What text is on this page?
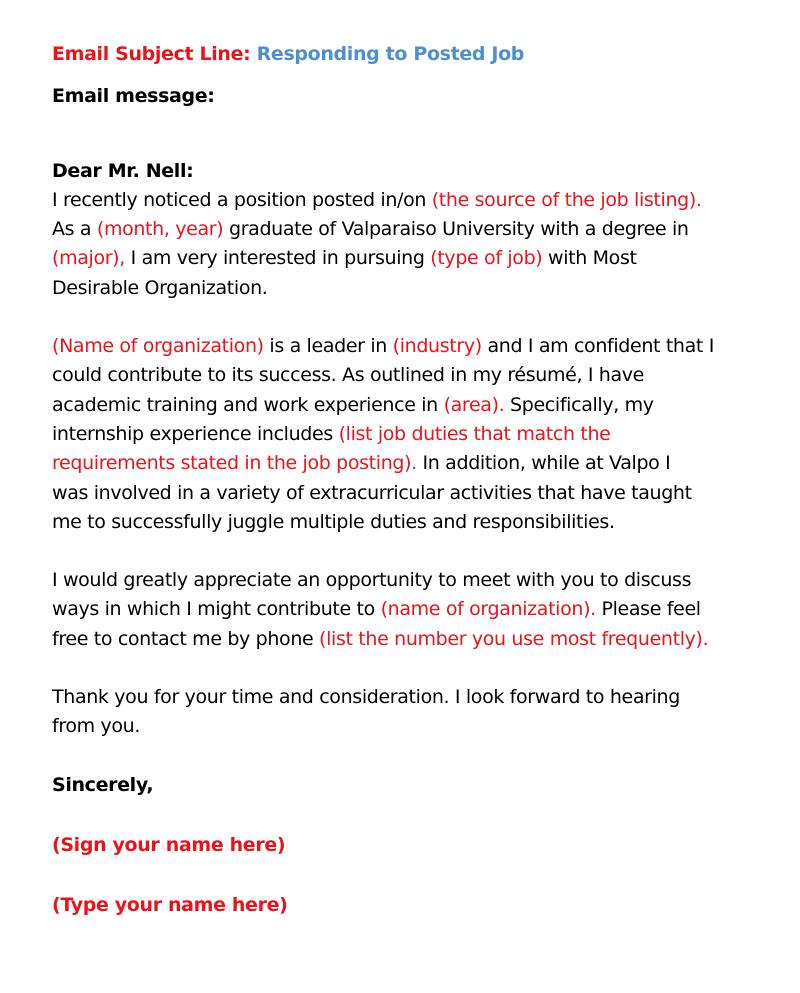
Email Subject Line: Responding to Posted Job

Email message:

Dear Mr. Nell:

I recently noticed a position posted in/on (the source of the job listing).

As a (month, year) graduate of Valparaiso University with a degree in

(major), I am very interested in pursuing (type of job) with Most

Desirable Organization.

(Name of organization) is a leader in (industry) and I am confident that I

could contribute to its success. As outlined in my résumé, I have

academic training and work experience in (area). Specifically, my

internship experience includes (list job duties that match the

requirements stated in the job posting). In addition, while at Valpo I

was involved in a variety of extracurricular activities that have taught

me to successfully juggle multiple duties and responsibilities.

I would greatly appreciate an opportunity to meet with you to discuss

ways in which I might contribute to (name of organization). Please feel

free to contact me by phone (list the number you use most frequently).

Thank you for your time and consideration. I look forward to hearing

from you.

Sincerely,

(Sign your name here)

(Type your name here)
